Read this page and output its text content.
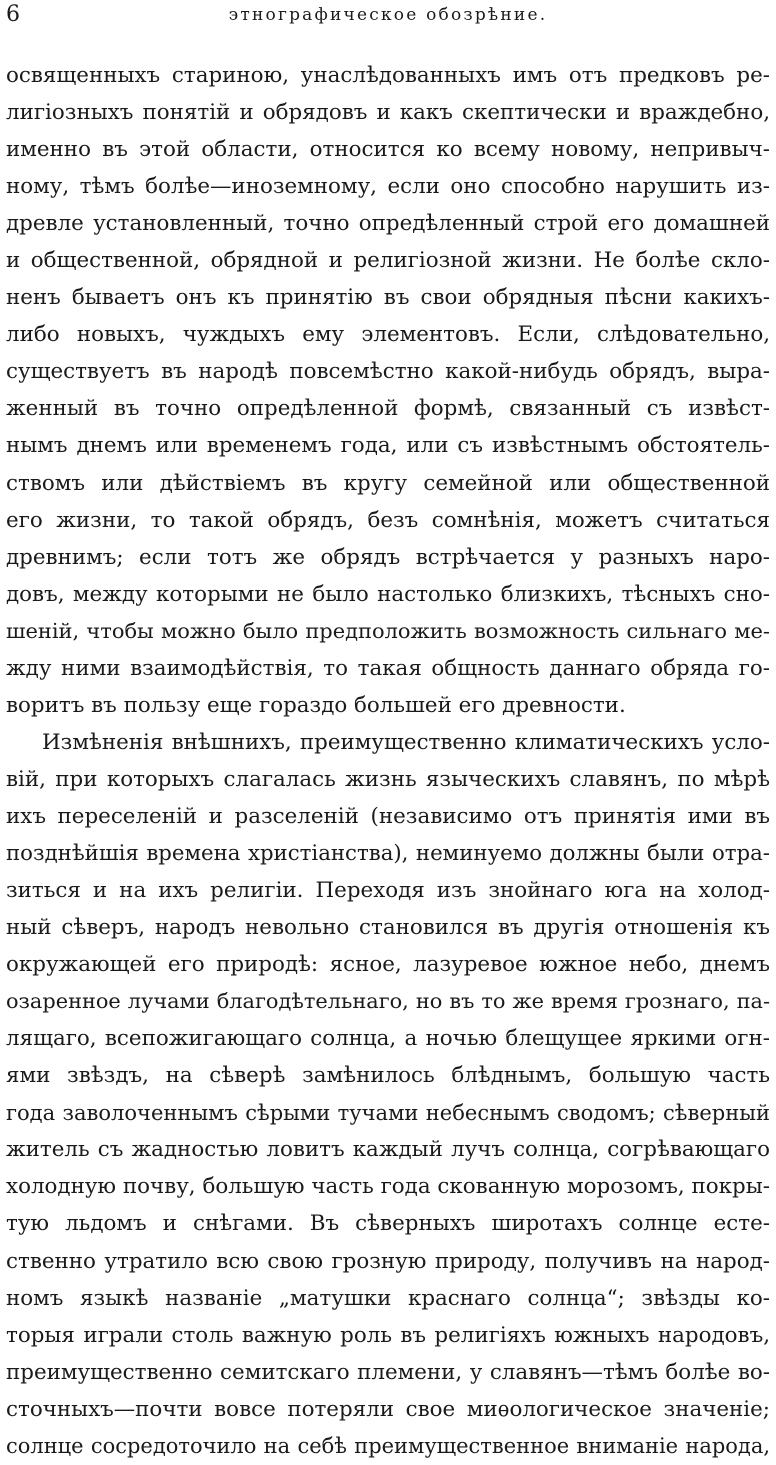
6	этнографическое обозрѣние.
освященныхъ стариною, унаслѣдованныхъ имъ отъ предковъ ре-
лигіозныхъ понятій и обрядовъ и какъ скептически и враждебно,
именно въ этой области, относится ко всему новому, непривыч-
ному, тѣмъ болѣе—иноземному, если оно способно нарушить из-
древле установленный, точно опредѣленный строй его домашней
и общественной, обрядной и религіозной жизни. Не болѣе скло-
ненъ бываетъ онъ къ принятію въ свои обрядныя пѣсни какихъ-
либо новыхъ, чуждыхъ ему элементовъ. Если, слѣдовательно,
существуетъ въ народѣ повсемѣстно какой-нибудь обрядъ, выра-
женный въ точно опредѣленной формѣ, связанный съ извѣст-
нымъ днемъ или временемъ года, или съ извѣстнымъ обстоятель-
ствомъ или дѣйствіемъ въ кругу семейной или общественной
его жизни, то такой обрядъ, безъ сомнѣнія, можетъ считаться
древнимъ; если тотъ же обрядъ встрѣчается у разныхъ наро-
довъ, между которыми не было настолько близкихъ, тѣсныхъ сно-
шеній, чтобы можно было предположить возможность сильнаго ме-
жду ними взаимодѣйствія, то такая общность даннаго обряда го-
воритъ въ пользу еще гораздо большей его древности.
Измѣненія внѣшнихъ, преимущественно климатическихъ усло-
вій, при которыхъ слагалась жизнь языческихъ славянъ, по мѣрѣ
ихъ переселеній и разселеній (независимо отъ принятія ими въ
позднѣйшія времена христіанства), неминуемо должны были отра-
зиться и на ихъ религіи. Переходя изъ знойнаго юга на холод-
ный сѣверъ, народъ невольно становился въ другія отношенія къ
окружающей его природѣ: ясное, лазуревое южное небо, днемъ
озаренное лучами благодѣтельнаго, но въ то же время грознаго, па-
лящаго, всепожигающаго солнца, а ночью блещущее яркими огн-
ями звѣздъ, на сѣверѣ замѣнилось блѣднымъ, большую часть
года заволоченнымъ сѣрыми тучами небеснымъ сводомъ; сѣверный
житель съ жадностью ловитъ каждый лучъ солнца, согрѣвающаго
холодную почву, большую часть года скованную морозомъ, покры-
тую льдомъ и снѣгами. Въ сѣверныхъ широтахъ солнце есте-
ственно утратило всю свою грозную природу, получивъ на народ-
номъ языкѣ названіе „матушки краснаго солнца“; звѣзды ко-
торыя играли столь важную роль въ религіяхъ южныхъ народовъ,
преимущественно семитскаго племени, у славянъ—тѣмъ болѣе во-
сточныхъ—почти вовсе потеряли свое миѳологическое значеніе;
солнце сосредоточило на себѣ преимущественное вниманіе народа,
